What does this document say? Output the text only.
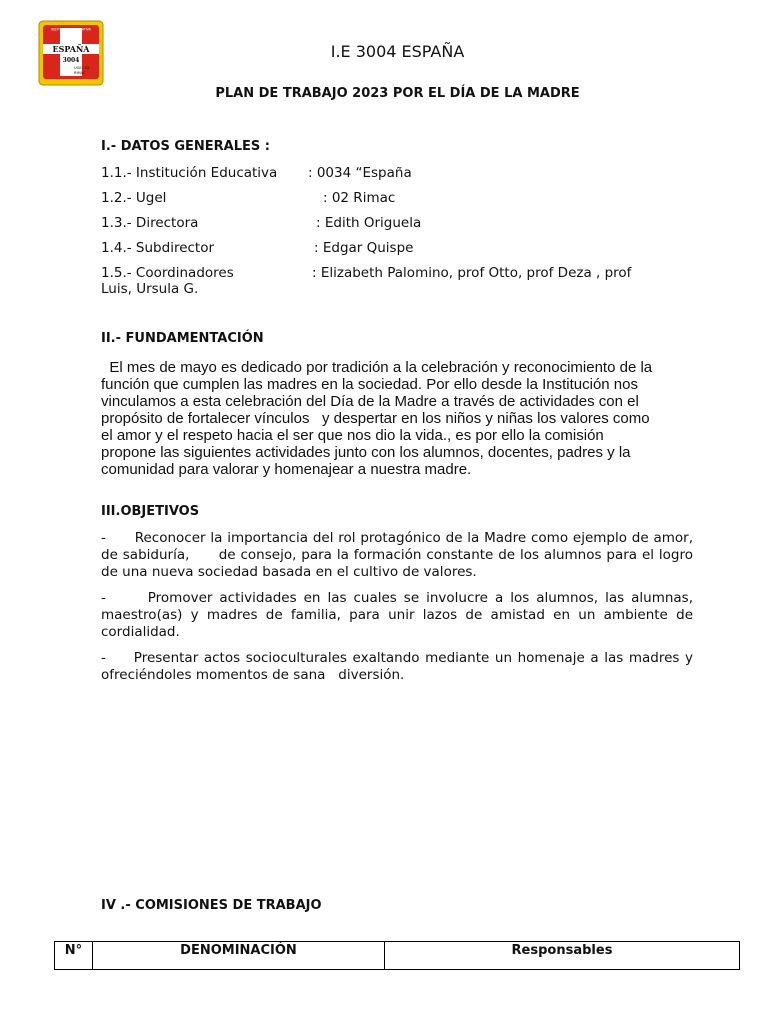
INSTITUCIÓN EDUCATIVA
ESPAÑA
3004
UGEL 02
RIMAC
I.E 3004 ESPAÑA
PLAN DE TRABAJO 2023 POR EL DÍA DE LA MADRE
I.- DATOS GENERALES :
1.1.- Institución Educativa : 0034 “España
1.2.- Ugel	: 02 Rimac
1.3.- Directora	: Edith Origuela
1.4.- Subdirector	: Edgar Quispe
1.5.- Coordinadores	: Elizabeth Palomino, prof Otto, prof Deza , prof
Luis, Ursula G.
II.- FUNDAMENTACIÓN
El mes de mayo es dedicado por tradición a la celebración y reconocimiento de la
función que cumplen las madres en la sociedad. Por ello desde la Institución nos
vinculamos a esta celebración del Día de la Madre a través de actividades con el
propósito de fortalecer vínculos   y despertar en los niños y niñas los valores como
el amor y el respeto hacia el ser que nos dio la vida., es por ello la comisión
propone las siguientes actividades junto con los alumnos, docentes, padres y la
comunidad para valorar y homenajear a nuestra madre.
III.OBJETIVOS
-      Reconocer la importancia del rol protagónico de la Madre como ejemplo de amor, de sabiduría,      de consejo, para la formación constante de los alumnos para el logro de una nueva sociedad basada en el cultivo de valores.
-      Promover actividades en las cuales se involucre a los alumnos, las alumnas, maestro(as) y madres de familia, para unir lazos de amistad en un ambiente de cordialidad.
-     Presentar actos socioculturales exaltando mediante un homenaje a las madres y ofreciéndoles momentos de sana   diversión.
IV .- COMISIONES DE TRABAJO
N°	DENOMINACIÓN	Responsables
